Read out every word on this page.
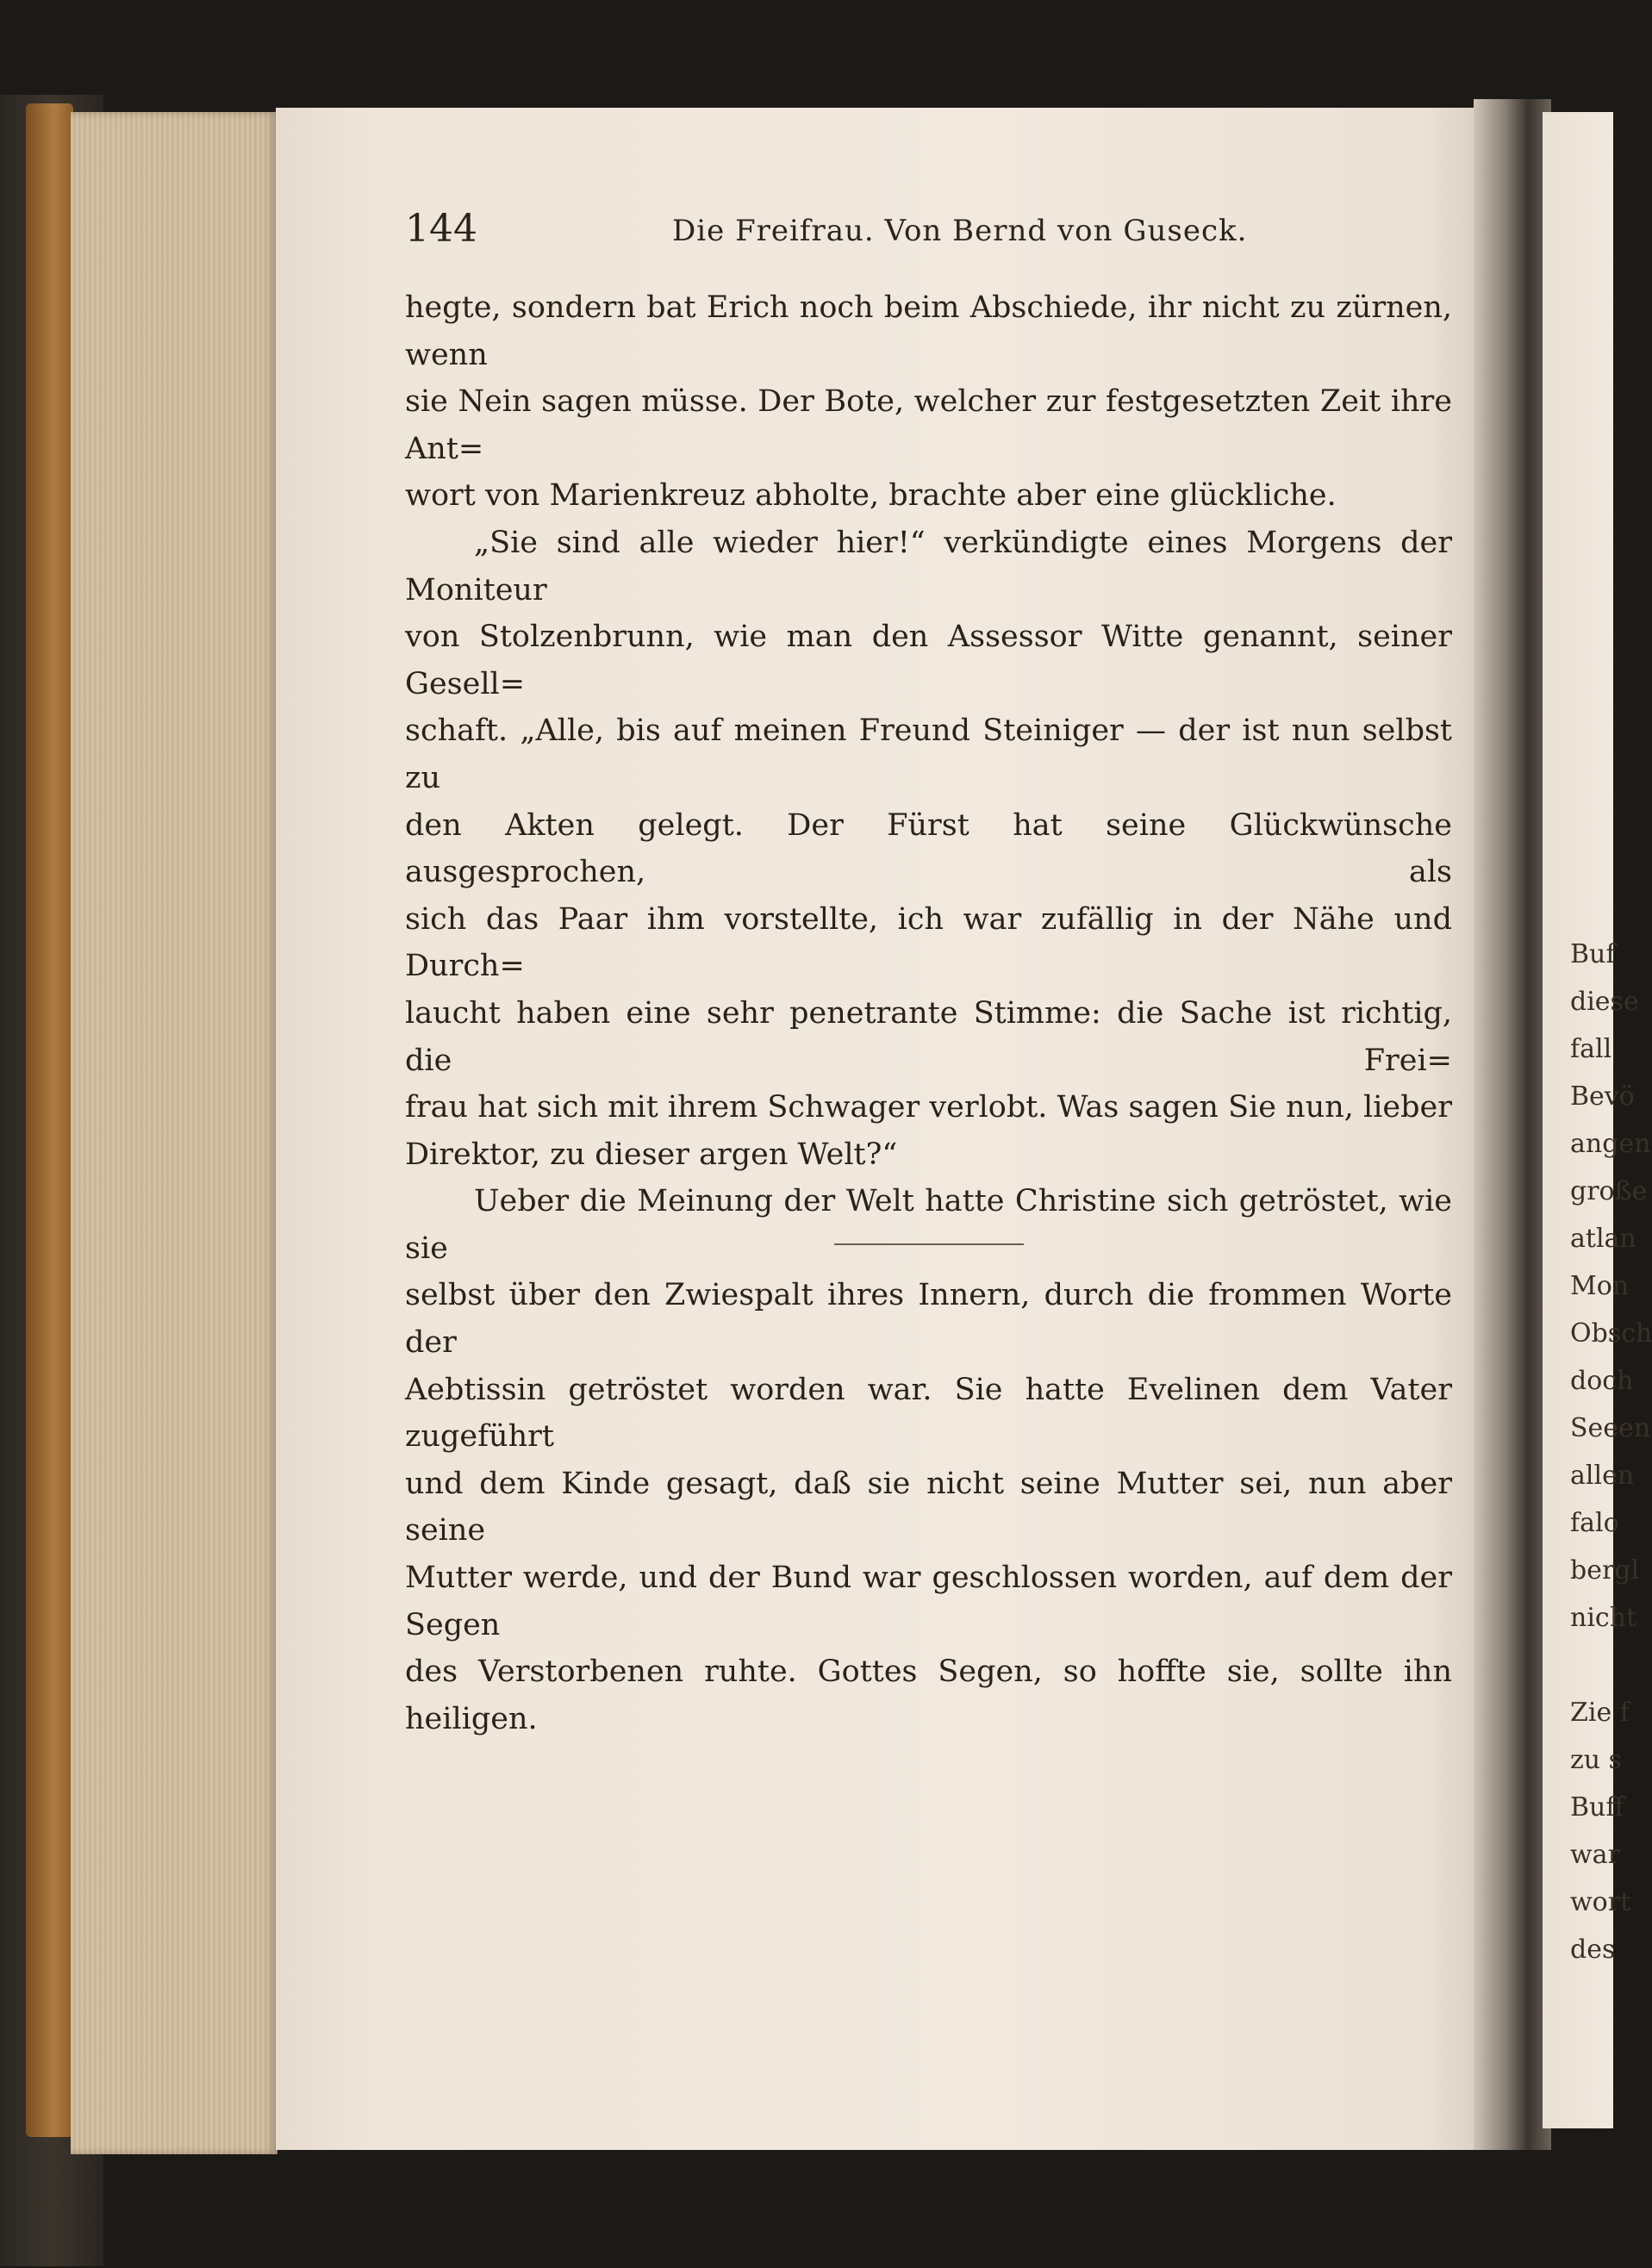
144	Die Freifrau. Von Bernd von Guseck.

hegte, sondern bat Erich noch beim Abschiede, ihr nicht zu zürnen, wenn

sie Nein sagen müsse. Der Bote, welcher zur festgesetzten Zeit ihre Ant=

wort von Marienkreuz abholte, brachte aber eine glückliche.

„Sie sind alle wieder hier!“ verkündigte eines Morgens der Moniteur

von Stolzenbrunn, wie man den Assessor Witte genannt, seiner Gesell=

schaft. „Alle, bis auf meinen Freund Steiniger — der ist nun selbst zu

den Akten gelegt. Der Fürst hat seine Glückwünsche ausgesprochen, als

sich das Paar ihm vorstellte, ich war zufällig in der Nähe und Durch=

laucht haben eine sehr penetrante Stimme: die Sache ist richtig, die Frei=

frau hat sich mit ihrem Schwager verlobt. Was sagen Sie nun, lieber

Direktor, zu dieser argen Welt?“

Ueber die Meinung der Welt hatte Christine sich getröstet, wie sie

selbst über den Zwiespalt ihres Innern, durch die frommen Worte der

Aebtissin getröstet worden war. Sie hatte Evelinen dem Vater zugeführt

und dem Kinde gesagt, daß sie nicht seine Mutter sei, nun aber seine

Mutter werde, und der Bund war geschlossen worden, auf dem der Segen

des Verstorbenen ruhte. Gottes Segen, so hoffte sie, sollte ihn heiligen.

Buf
diese
fall
Bevö
angen
große
atlan
Mon
Obsch
doch
Seeen
allen
falo
bergl
nicht

Zie f
zu s
Buff
war
wort
des
